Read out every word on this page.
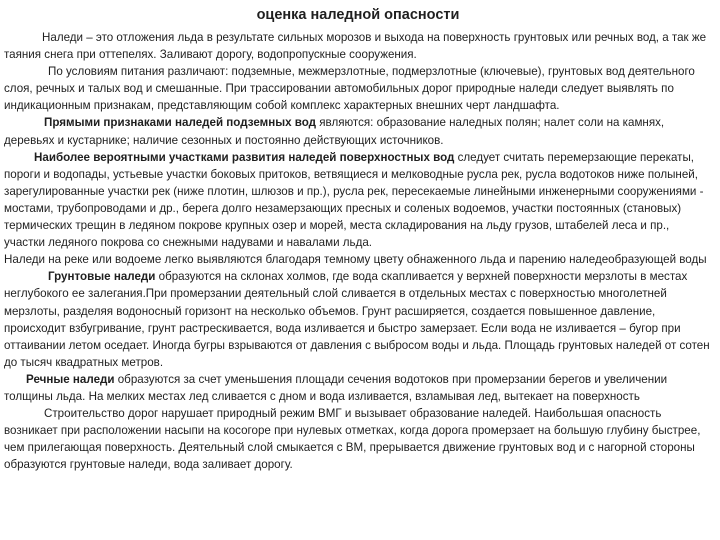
оценка наледной опасности

Наледи – это отложения льда в результате сильных морозов и выхода на поверхность грунтовых или речных вод, а так же таяния снега при оттепелях. Заливают дорогу, водопропускные сооружения.

По условиям питания различают: подземные, межмерзлотные, подмерзлотные (ключевые), грунтовых вод деятельного слоя, речных и талых вод и смешанные. При трассировании автомобильных дорог природные наледи следует выявлять по индикационным признакам, представляющим собой комплекс характерных внешних черт ландшафта.

Прямыми признаками наледей подземных вод являются: образование наледных полян; налет соли на камнях, деревьях и кустарнике; наличие сезонных и постоянно действующих источников.

Наиболее вероятными участками развития наледей поверхностных вод следует считать перемерзающие перекаты, пороги и водопады, устьевые участки боковых притоков, ветвящиеся и мелководные русла рек, русла водотоков ниже полыней, зарегулированные участки рек (ниже плотин, шлюзов и пр.), русла рек, пересекаемые линейными инженерными сооружениями - мостами, трубопроводами и др., берега долго незамерзающих пресных и соленых водоемов, участки постоянных (становых) термических трещин в ледяном покрове крупных озер и морей, места складирования на льду грузов, штабелей леса и пр., участки ледяного покрова со снежными надувами и навалами льда.

Наледи на реке или водоеме легко выявляются благодаря темному цвету обнаженного льда и парению наледеобразующей воды

Грунтовые наледи образуются на склонах холмов, где вода скапливается у верхней поверхности мерзлоты в местах неглубокого ее залегания.При промерзании деятельный слой сливается в отдельных местах с поверхностью многолетней мерзлоты, разделяя водоносный горизонт на несколько объемов. Грунт расширяется, создается повышенное давление, происходит взбугривание, грунт растрескивается, вода изливается и быстро замерзает. Если вода не изливается – бугор при оттаивании летом оседает. Иногда бугры взрываются от давления с выбросом воды и льда. Площадь грунтовых наледей от сотен до тысяч квадратных метров.

Речные наледи образуются за счет уменьшения площади сечения водотоков при промерзании берегов и увеличении толщины льда. На мелких местах лед сливается с дном и вода изливается, взламывая лед, вытекает на поверхность

Строительство дорог нарушает природный режим ВМГ и вызывает образование наледей. Наибольшая опасность возникает при расположении насыпи на косогоре при нулевых отметках, когда дорога промерзает на большую глубину быстрее, чем прилегающая поверхность. Деятельный слой смыкается с ВМ, прерывается движение грунтовых вод и с нагорной стороны образуются грунтовые наледи, вода заливает дорогу.
